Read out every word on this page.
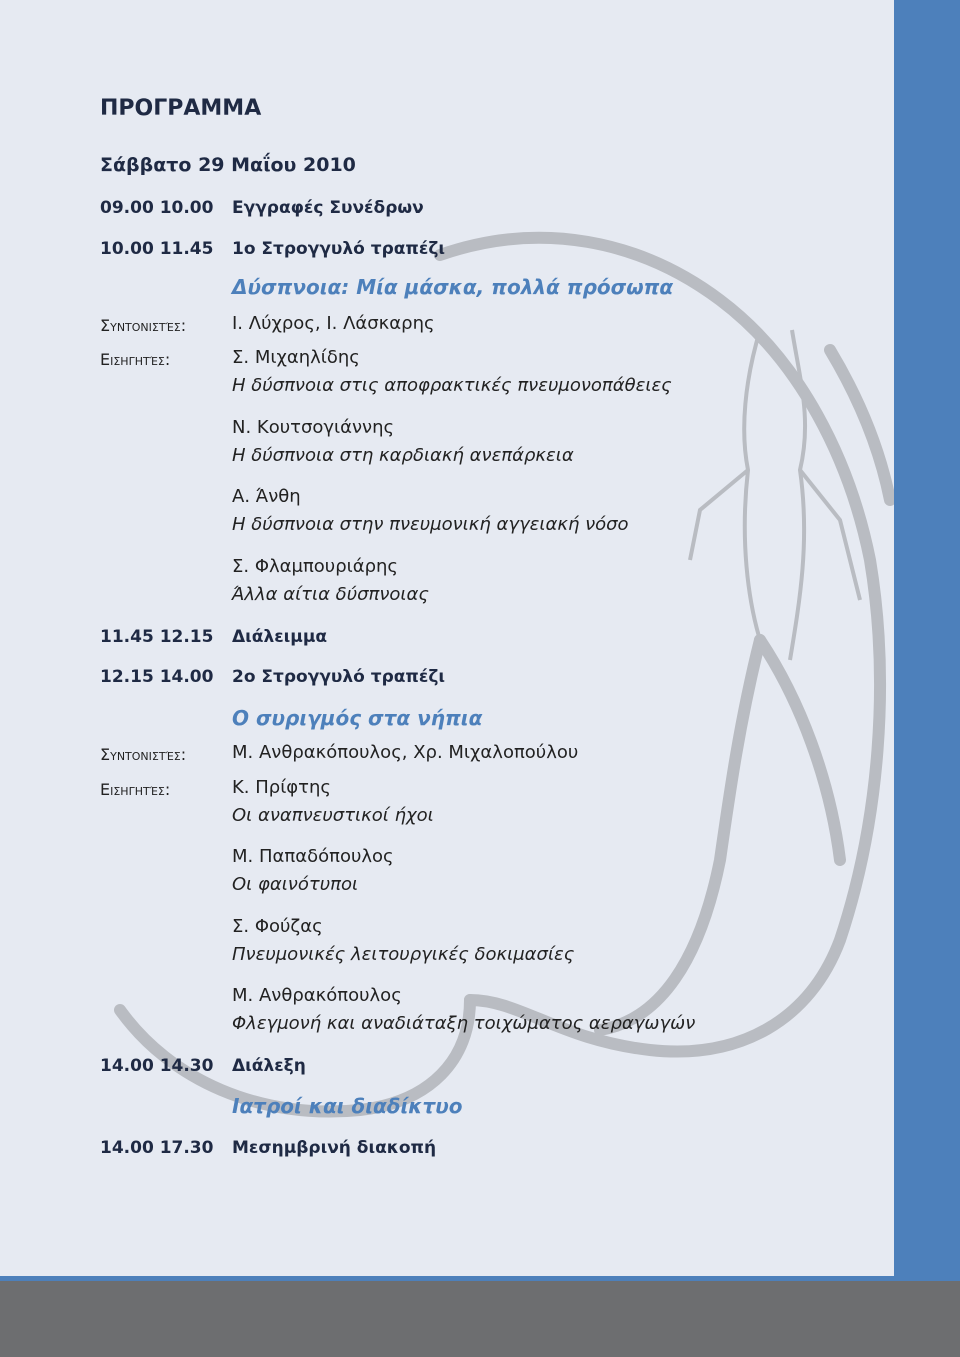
ΠΡΟΓΡΑΜΜΑ
Σάββατο 29 Μαΐου 2010
09.00 10.00 Εγγραφές Συνέδρων
10.00 11.45 1ο Στρογγυλό τραπέζι
Δύσπνοια: Μία μάσκα, πολλά πρόσωπα
Συντονιστές:	Ι. Λύχρος, Ι. Λάσκαρης
Εισηγητές:	Σ. Μιχαηλίδης
Η δύσπνοια στις αποφρακτικές πνευμονοπάθειες
Ν. Κουτσογιάννης
Η δύσπνοια στη καρδιακή ανεπάρκεια
Α. Άνθη
Η δύσπνοια στην πνευμονική αγγειακή νόσο
Σ. Φλαμπουριάρης
Άλλα αίτια δύσπνοιας
11.45 12.15 Διάλειμμα
12.15 14.00 2ο Στρογγυλό τραπέζι
Ο συριγμός στα νήπια
Συντονιστές:	Μ. Ανθρακόπουλος, Χρ. Μιχαλοπούλου
Εισηγητές:	Κ. Πρίφτης
Οι αναπνευστικοί ήχοι
Μ. Παπαδόπουλος
Οι φαινότυποι
Σ. Φούζας
Πνευμονικές λειτουργικές δοκιμασίες
Μ. Ανθρακόπουλος
Φλεγμονή και αναδιάταξη τοιχώματος αεραγωγών
14.00 14.30 Διάλεξη
Ιατροί και διαδίκτυο
14.00 17.30 Μεσημβρινή διακοπή
